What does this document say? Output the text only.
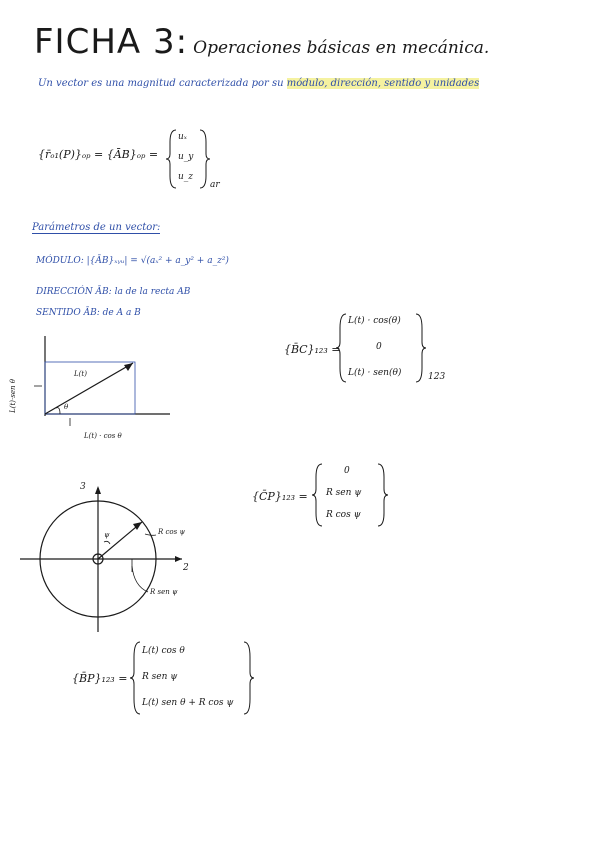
FICHA 3: Operaciones básicas en mecánica.
Un vector es una magnitud caracterizada por su módulo, dirección, sentido y unidades
{r̄ₒ₁(P)}ₒₚ = {ĀB}ₒₚ =
uₓ
u_y
u_z
ar
Parámetros de un vector:
MÓDULO: |{ĀB}ₓᵧᵤ| = √(aₓ² + a_y² + a_z²)
DIRECCIÓN ĀB: la de la recta AB
SENTIDO ĀB: de A a B
L(t)
θ
L(t) · cos θ
L(t)·sen θ
{B̄C}₁₂₃ =
L(t) · cos(θ)
0
L(t) · sen(θ)	123
3
2
ψ	R cos ψ
R sen ψ
{C̄P}₁₂₃ =
0
R sen ψ
R cos ψ
{B̄P}₁₂₃ =
L(t) cos θ
R sen ψ
L(t) sen θ + R cos ψ
